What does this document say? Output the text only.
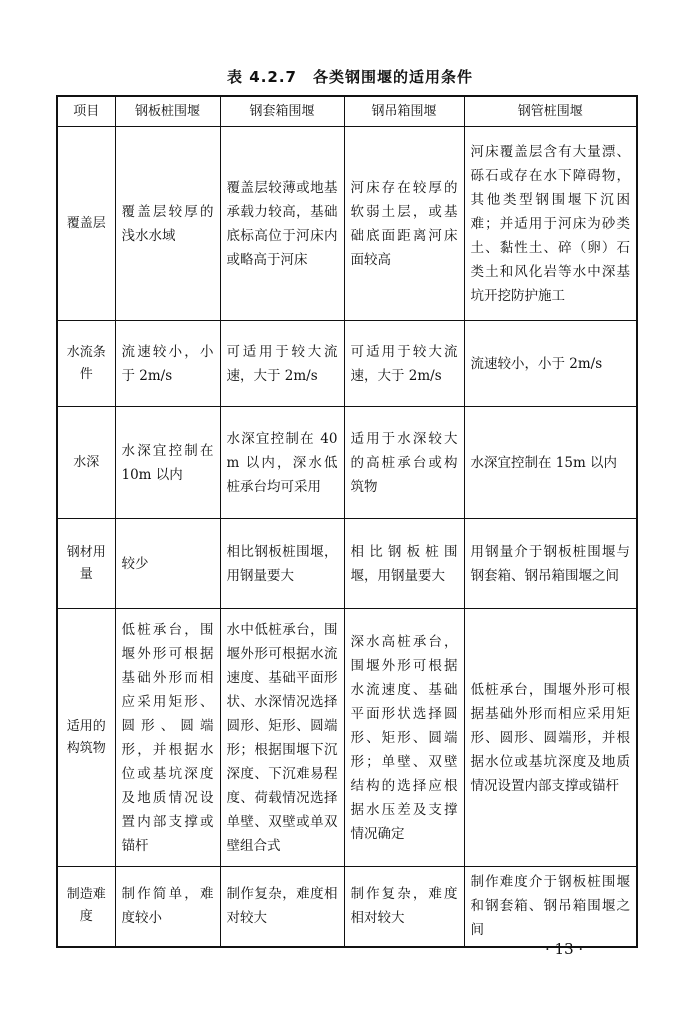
表 4.2.7　各类钢围堰的适用条件
项目	钢板桩围堰	钢套箱围堰	钢吊箱围堰	钢管桩围堰
覆盖层	覆盖层较厚的浅水水域	覆盖层较薄或地基承载力较高，基础底标高位于河床内或略高于河床	河床存在较厚的软弱土层，或基础底面距离河床面较高	河床覆盖层含有大量漂、砾石或存在水下障碍物，其他类型钢围堰下沉困难；并适用于河床为砂类土、黏性土、碎（卵）石类土和风化岩等水中深基坑开挖防护施工
水流条件	流速较小，小于 2m/s	可适用于较大流速，大于 2m/s	可适用于较大流速，大于 2m/s	流速较小，小于 2m/s
水深	水深宜控制在 10m 以内	水深宜控制在 40m 以内，深水低桩承台均可采用	适用于水深较大的高桩承台或构筑物	水深宜控制在 15m 以内
钢材用量	较少	相比钢板桩围堰，用钢量要大	相比钢板桩围堰，用钢量要大	用钢量介于钢板桩围堰与钢套箱、钢吊箱围堰之间
适用的构筑物	低桩承台，围堰外形可根据基础外形而相应采用矩形、圆形、圆端形，并根据水位或基坑深度及地质情况设置内部支撑或锚杆	水中低桩承台，围堰外形可根据水流速度、基础平面形状、水深情况选择圆形、矩形、圆端形；根据围堰下沉深度、下沉难易程度、荷载情况选择单壁、双壁或单双壁组合式	深水高桩承台，围堰外形可根据水流速度、基础平面形状选择圆形、矩形、圆端形；单壁、双壁结构的选择应根据水压差及支撑情况确定	低桩承台，围堰外形可根据基础外形而相应采用矩形、圆形、圆端形，并根据水位或基坑深度及地质情况设置内部支撑或锚杆
制造难度	制作简单，难度较小	制作复杂，难度相对较大	制作复杂，难度相对较大	制作难度介于钢板桩围堰和钢套箱、钢吊箱围堰之间
· 13 ·
